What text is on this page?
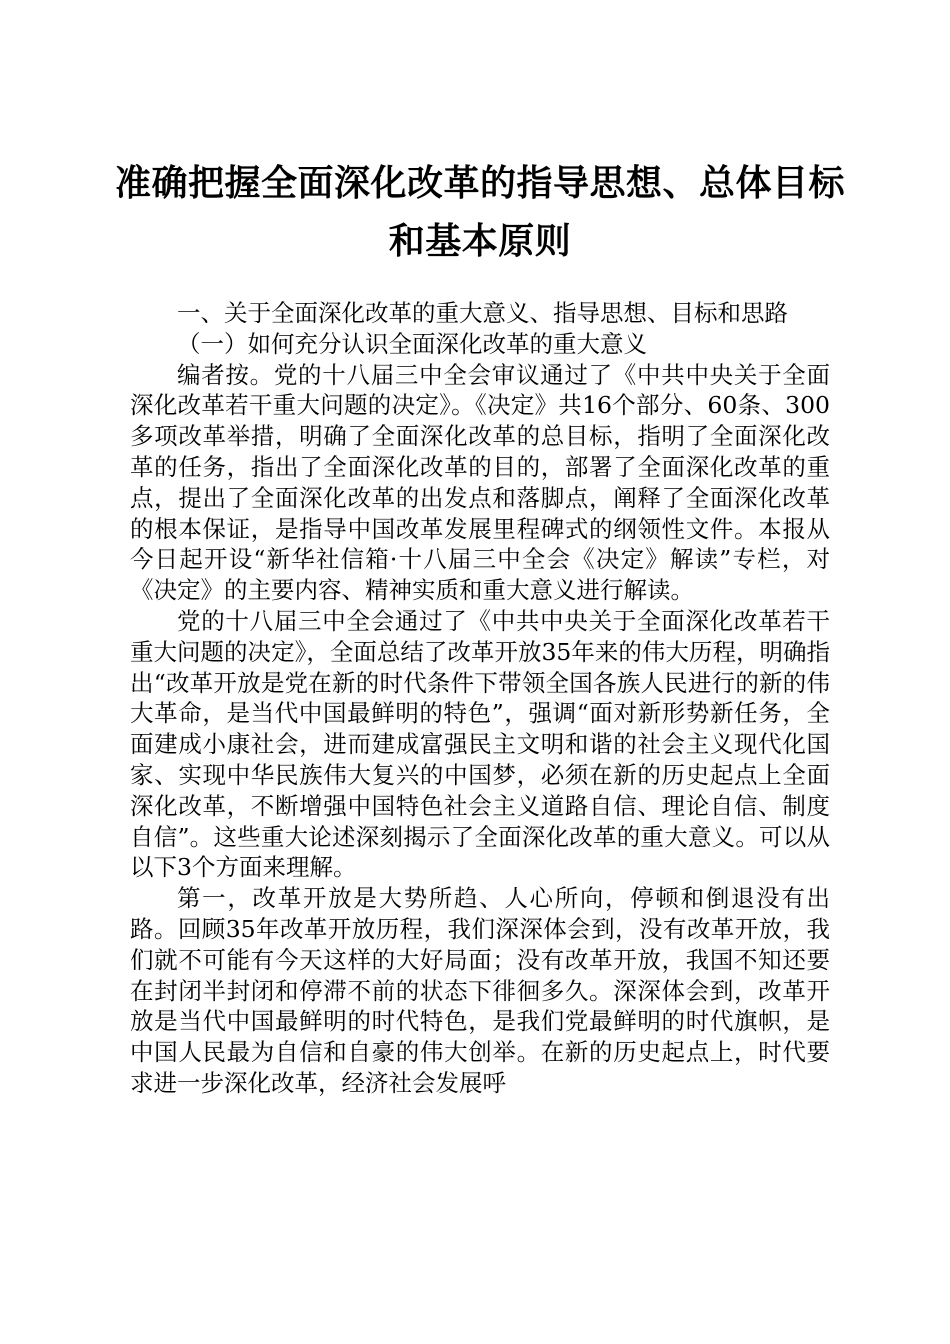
准确把握全面深化改革的指导思想、总体目标
和基本原则

一、关于全面深化改革的重大意义、指导思想、目标和思路

（一）如何充分认识全面深化改革的重大意义

编者按。党的十八届三中全会审议通过了《中共中央关于全面深化改革若干重大问题的决定》。《决定》共16个部分、60条、300多项改革举措，明确了全面深化改革的总目标，指明了全面深化改革的任务，指出了全面深化改革的目的，部署了全面深化改革的重点，提出了全面深化改革的出发点和落脚点，阐释了全面深化改革的根本保证，是指导中国改革发展里程碑式的纲领性文件。本报从今日起开设“新华社信箱·十八届三中全会《决定》解读”专栏，对《决定》的主要内容、精神实质和重大意义进行解读。

党的十八届三中全会通过了《中共中央关于全面深化改革若干重大问题的决定》，全面总结了改革开放35年来的伟大历程，明确指出“改革开放是党在新的时代条件下带领全国各族人民进行的新的伟大革命，是当代中国最鲜明的特色”，强调“面对新形势新任务，全面建成小康社会，进而建成富强民主文明和谐的社会主义现代化国家、实现中华民族伟大复兴的中国梦，必须在新的历史起点上全面深化改革，不断增强中国特色社会主义道路自信、理论自信、制度自信”。这些重大论述深刻揭示了全面深化改革的重大意义。可以从以下3个方面来理解。

第一，改革开放是大势所趋、人心所向，停顿和倒退没有出路。回顾35年改革开放历程，我们深深体会到，没有改革开放，我们就不可能有今天这样的大好局面；没有改革开放，我国不知还要在封闭半封闭和停滞不前的状态下徘徊多久。深深体会到，改革开放是当代中国最鲜明的时代特色，是我们党最鲜明的时代旗帜，是中国人民最为自信和自豪的伟大创举。在新的历史起点上，时代要求进一步深化改革，经济社会发展呼
